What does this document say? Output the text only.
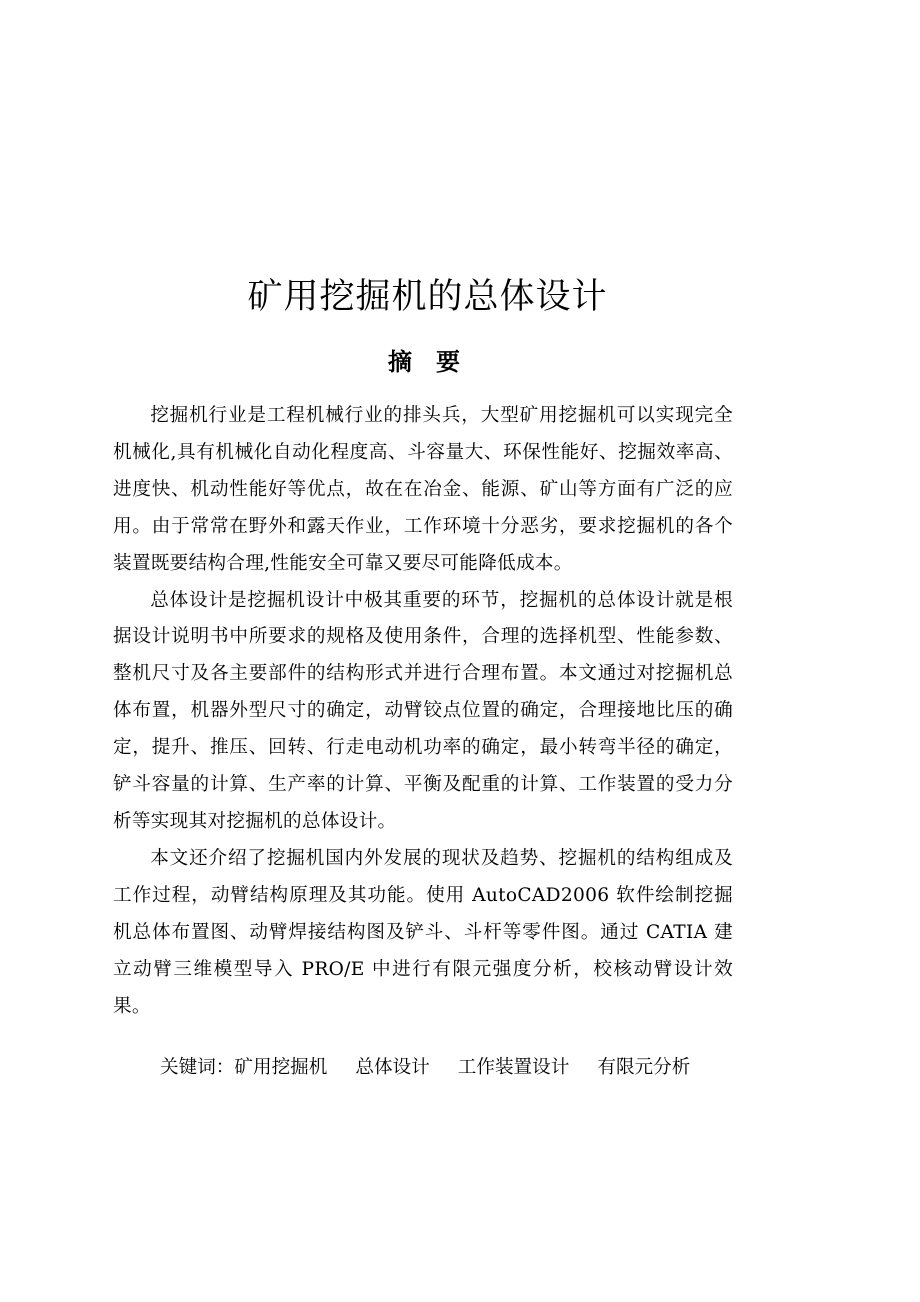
矿用挖掘机的总体设计
摘 要

挖掘机行业是工程机械行业的排头兵，大型矿用挖掘机可以实现完全机械化,具有机械化自动化程度高、斗容量大、环保性能好、挖掘效率高、进度快、机动性能好等优点，故在在冶金、能源、矿山等方面有广泛的应用。由于常常在野外和露天作业，工作环境十分恶劣，要求挖掘机的各个装置既要结构合理,性能安全可靠又要尽可能降低成本。

总体设计是挖掘机设计中极其重要的环节，挖掘机的总体设计就是根据设计说明书中所要求的规格及使用条件，合理的选择机型、性能参数、整机尺寸及各主要部件的结构形式并进行合理布置。本文通过对挖掘机总体布置，机器外型尺寸的确定，动臂铰点位置的确定，合理接地比压的确定，提升、推压、回转、行走电动机功率的确定，最小转弯半径的确定，铲斗容量的计算、生产率的计算、平衡及配重的计算、工作装置的受力分析等实现其对挖掘机的总体设计。

本文还介绍了挖掘机国内外发展的现状及趋势、挖掘机的结构组成及工作过程，动臂结构原理及其功能。使用 AutoCAD2006 软件绘制挖掘机总体布置图、动臂焊接结构图及铲斗、斗杆等零件图。通过 CATIA 建立动臂三维模型导入 PRO/E 中进行有限元强度分析，校核动臂设计效果。

关键词：矿用挖掘机 总体设计 工作装置设计 有限元分析
